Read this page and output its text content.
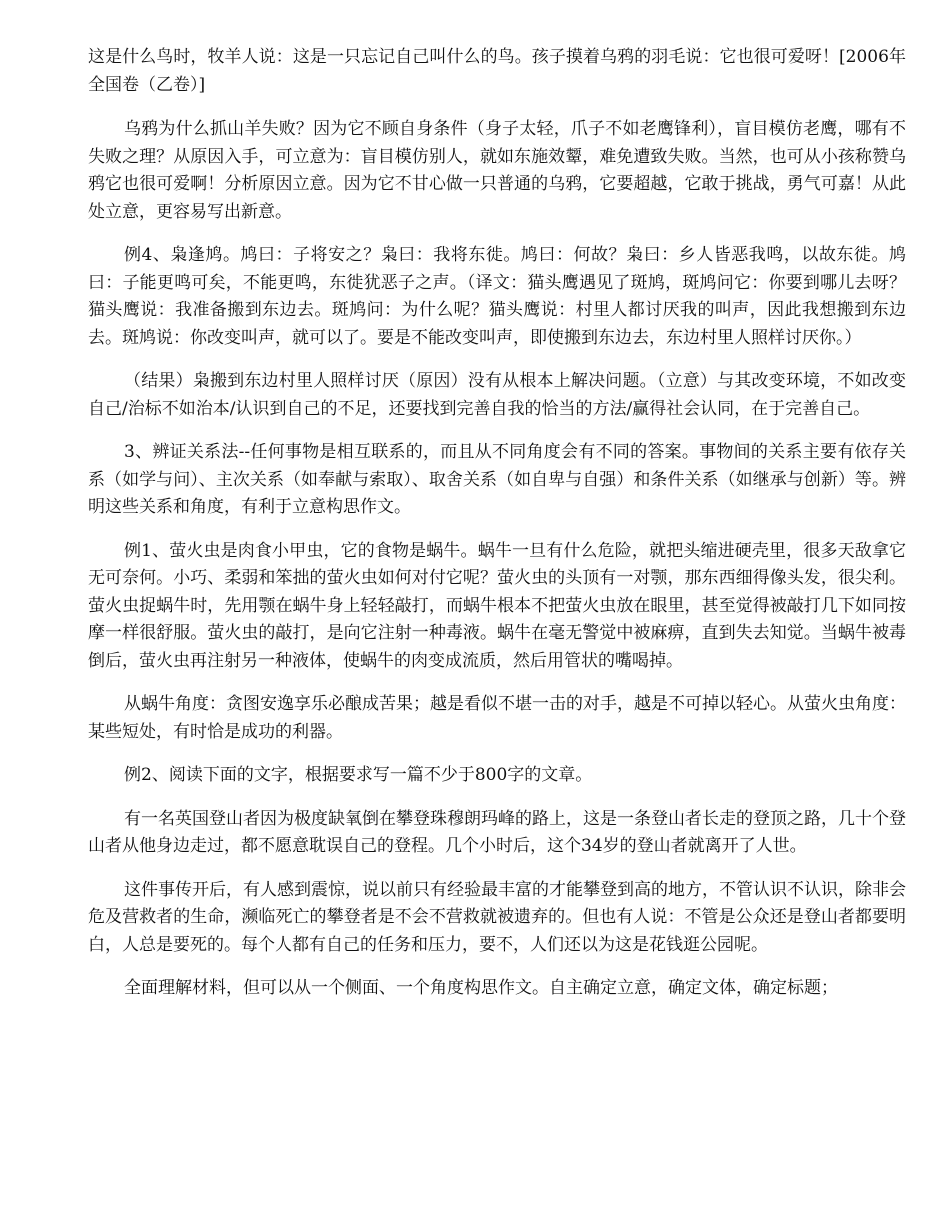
这是什么鸟时，牧羊人说：这是一只忘记自己叫什么的鸟。孩子摸着乌鸦的羽毛说：它也很可爱呀！[2006年全国卷（乙卷）]

乌鸦为什么抓山羊失败？因为它不顾自身条件（身子太轻，爪子不如老鹰锋利），盲目模仿老鹰，哪有不失败之理？从原因入手，可立意为：盲目模仿别人，就如东施效颦，难免遭致失败。当然，也可从小孩称赞乌鸦它也很可爱啊！分析原因立意。因为它不甘心做一只普通的乌鸦，它要超越，它敢于挑战，勇气可嘉！从此处立意，更容易写出新意。

例4、枭逢鸠。鸠曰：子将安之？枭曰：我将东徙。鸠曰：何故？枭曰：乡人皆恶我鸣，以故东徙。鸠曰：子能更鸣可矣，不能更鸣，东徙犹恶子之声。（译文：猫头鹰遇见了斑鸠，斑鸠问它：你要到哪儿去呀？猫头鹰说：我准备搬到东边去。斑鸠问：为什么呢？猫头鹰说：村里人都讨厌我的叫声，因此我想搬到东边去。斑鸠说：你改变叫声，就可以了。要是不能改变叫声，即使搬到东边去，东边村里人照样讨厌你。）

（结果）枭搬到东边村里人照样讨厌（原因）没有从根本上解决问题。（立意）与其改变环境，不如改变自己/治标不如治本/认识到自己的不足，还要找到完善自我的恰当的方法/赢得社会认同，在于完善自己。

3、辨证关系法--任何事物是相互联系的，而且从不同角度会有不同的答案。事物间的关系主要有依存关系（如学与问）、主次关系（如奉献与索取）、取舍关系（如自卑与自强）和条件关系（如继承与创新）等。辨明这些关系和角度，有利于立意构思作文。

例1、萤火虫是肉食小甲虫，它的食物是蜗牛。蜗牛一旦有什么危险，就把头缩进硬壳里，很多天敌拿它无可奈何。小巧、柔弱和笨拙的萤火虫如何对付它呢？萤火虫的头顶有一对颚，那东西细得像头发，很尖利。萤火虫捉蜗牛时，先用颚在蜗牛身上轻轻敲打，而蜗牛根本不把萤火虫放在眼里，甚至觉得被敲打几下如同按摩一样很舒服。萤火虫的敲打，是向它注射一种毒液。蜗牛在毫无警觉中被麻痹，直到失去知觉。当蜗牛被毒倒后，萤火虫再注射另一种液体，使蜗牛的肉变成流质，然后用管状的嘴喝掉。

从蜗牛角度：贪图安逸享乐必酿成苦果；越是看似不堪一击的对手，越是不可掉以轻心。从萤火虫角度：某些短处，有时恰是成功的利器。

例2、阅读下面的文字，根据要求写一篇不少于800字的文章。

有一名英国登山者因为极度缺氧倒在攀登珠穆朗玛峰的路上，这是一条登山者长走的登顶之路，几十个登山者从他身边走过，都不愿意耽误自己的登程。几个小时后，这个34岁的登山者就离开了人世。

这件事传开后，有人感到震惊，说以前只有经验最丰富的才能攀登到高的地方，不管认识不认识，除非会危及营救者的生命，濒临死亡的攀登者是不会不营救就被遗弃的。但也有人说：不管是公众还是登山者都要明白，人总是要死的。每个人都有自己的任务和压力，要不，人们还以为这是花钱逛公园呢。

全面理解材料，但可以从一个侧面、一个角度构思作文。自主确定立意，确定文体，确定标题；
